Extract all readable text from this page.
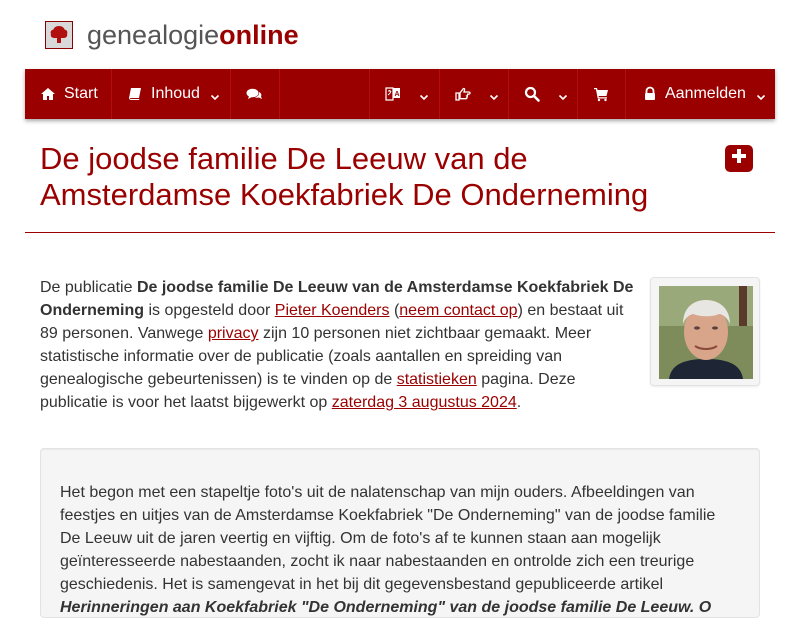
genealogieonline
Start	Inhoud	A	Aanmelden
De joodse familie De Leeuw van de Amsterdamse Koekfabriek De Onderneming
De publicatie De joodse familie De Leeuw van de Amsterdamse Koekfabriek De Onderneming is opgesteld door Pieter Koenders (neem contact op) en bestaat uit 89 personen. Vanwege privacy zijn 10 personen niet zichtbaar gemaakt. Meer statistische informatie over de publicatie (zoals aantallen en spreiding van genealogische gebeurtenissen) is te vinden op de statistieken pagina. Deze publicatie is voor het laatst bijgewerkt op zaterdag 3 augustus 2024.
Het begon met een stapeltje foto's uit de nalatenschap van mijn ouders. Afbeeldingen van feestjes en uitjes van de Amsterdamse Koekfabriek "De Onderneming" van de joodse familie De Leeuw uit de jaren veertig en vijftig. Om de foto's af te kunnen staan aan mogelijk geïnteresseerde nabestaanden, zocht ik naar nabestaanden en ontrolde zich een treurige geschiedenis. Het is samengevat in het bij dit gegevensbestand gepubliceerde artikel Herinneringen aan Koekfabriek "De Onderneming" van de joodse familie De Leeuw. O
